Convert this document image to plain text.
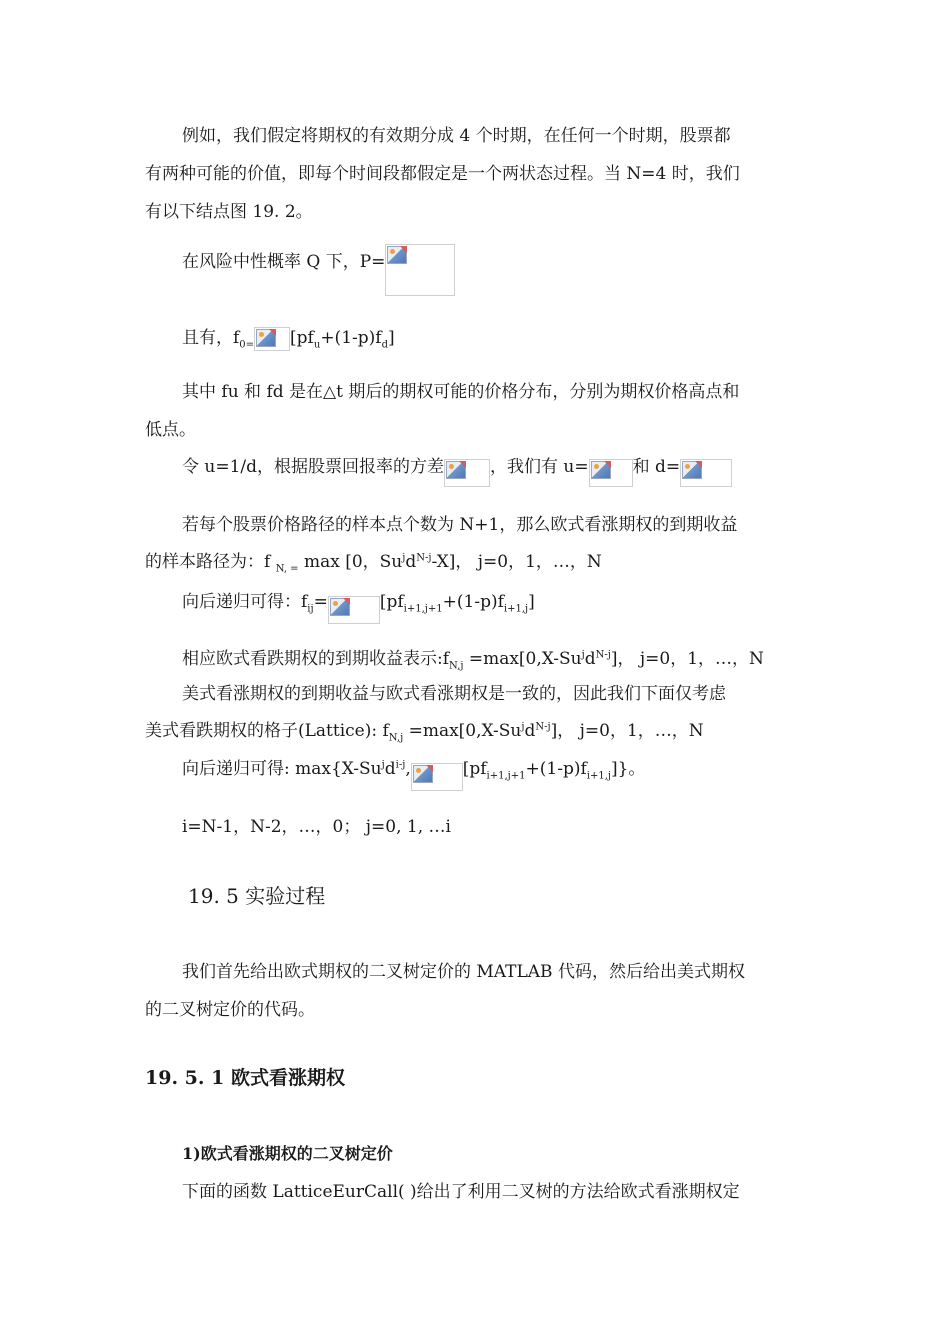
例如，我们假定将期权的有效期分成 4 个时期，在任何一个时期，股票都
有两种可能的价值，即每个时间段都假定是一个两状态过程。当 N=4 时，我们
有以下结点图 19. 2。
在风险中性概率 Q 下，P=
且有，$f_{0=}$ $[pf_u+(1-p)f_d]$
其中 fu 和 fd 是在△t 期后的期权可能的价格分布，分别为期权价格高点和
低点。
令 u=1/d，根据股票回报率的方差	，我们有 u=	和 d=
若每个股票价格路径的样本点个数为 N+1，那么欧式看涨期权的到期收益
的样本路径为：f $_{N, =}$ max [0，$Su^jd^{N-j}-X$]， j=0，1，…，N
向后递归可得：$f_{ij}=$	$[pf_{i+1,j+1}+(1-p)f_{i+1,j}]$
相应欧式看跌期权的到期收益表示$:f_{N,j} =\max[0,X-Su^jd^{N-j}]$， j=0，1，…，N
美式看涨期权的到期收益与欧式看涨期权是一致的，因此我们下面仅考虑
美式看跌期权的格子(Lattice): $f_{N,j} =\max[0,X-Su^jd^{N-j}]$， j=0，1，…，N
向后递归可得: $\max\{X-Su^jd^{i-j}$,	$[pf_{i+1,j+1}+(1-p)f_{i+1,j}]$}。
i=N-1，N-2，…，0； j=0, 1, …i
19. 5 实验过程
我们首先给出欧式期权的二叉树定价的 MATLAB 代码，然后给出美式期权
的二叉树定价的代码。
19. 5. 1 欧式看涨期权
1)欧式看涨期权的二叉树定价
下面的函数 LatticeEurCall( )给出了利用二叉树的方法给欧式看涨期权定
